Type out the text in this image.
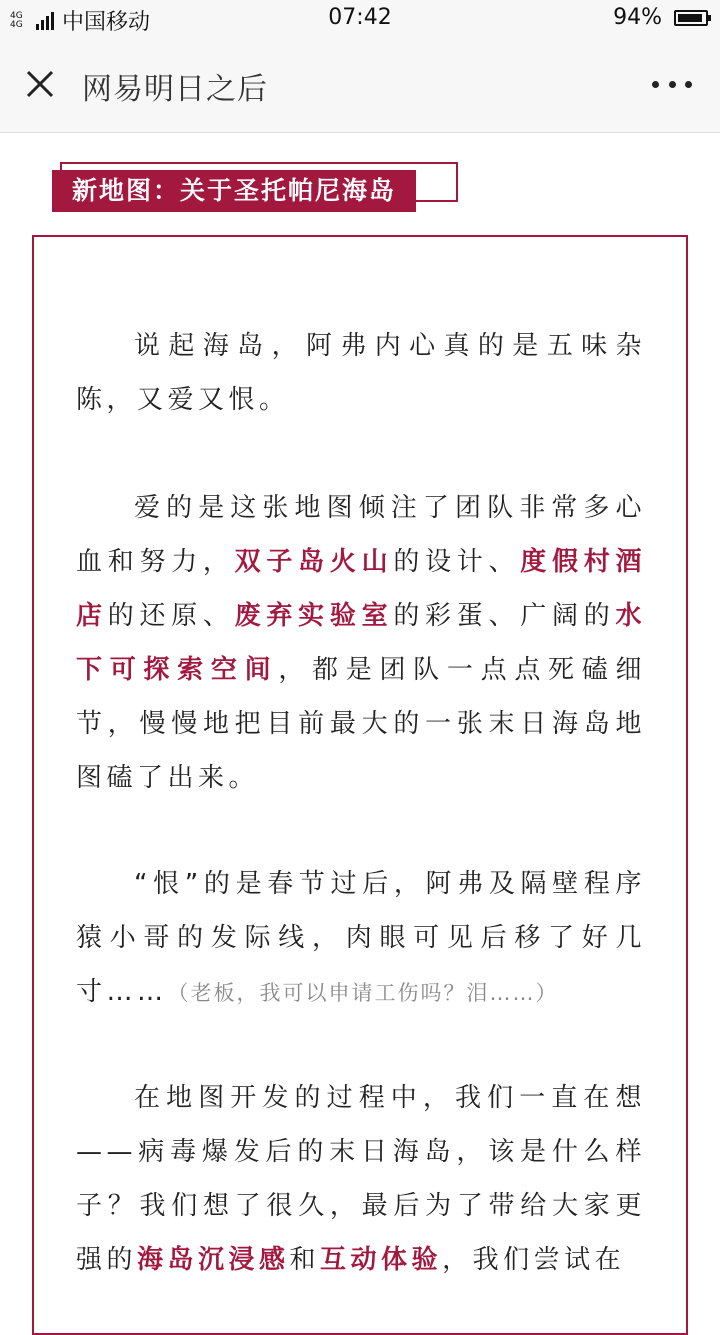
4G 4G	中国移动	07:42	94%
网易明日之后
新地图：关于圣托帕尼海岛

说起海岛，阿弗内心真的是五味杂陈，又爱又恨。

爱的是这张地图倾注了团队非常多心血和努力，双子岛火山的设计、度假村酒店的还原、废弃实验室的彩蛋、广阔的水下可探索空间，都是团队一点点死磕细节，慢慢地把目前最大的一张末日海岛地图磕了出来。

“恨”的是春节过后，阿弗及隔壁程序猿小哥的发际线，肉眼可见后移了好几寸……（老板，我可以申请工伤吗？泪……）

在地图开发的过程中，我们一直在想——病毒爆发后的末日海岛，该是什么样子？我们想了很久，最后为了带给大家更强的海岛沉浸感和互动体验，我们尝试在
